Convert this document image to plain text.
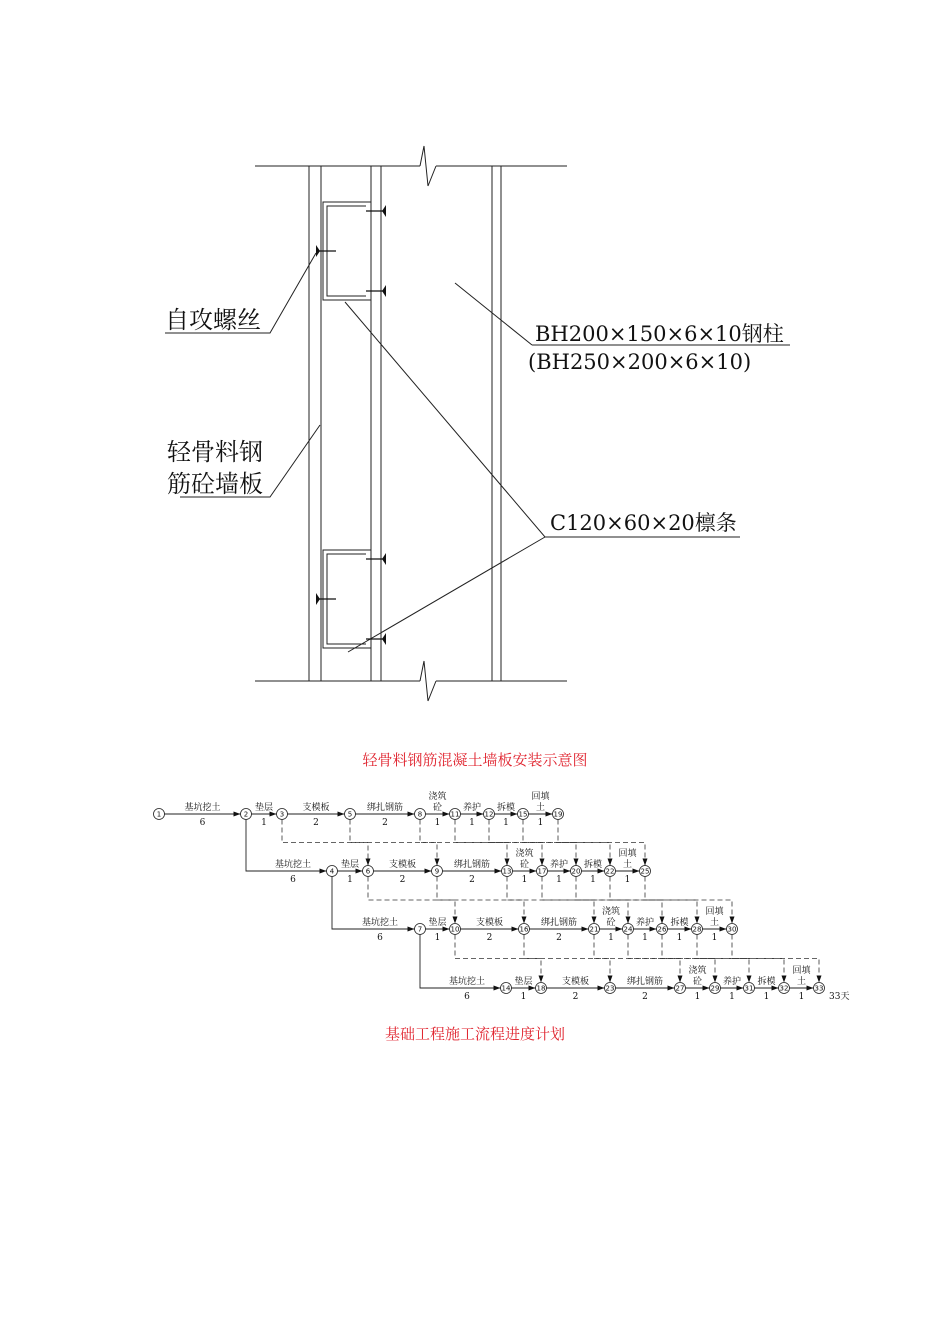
自攻螺丝
轻骨料钢
筋砼墙板
BH200×150×6×10钢柱
(BH250×200×6×10)
C120×60×20檩条
轻骨料钢筋混凝土墙板安装示意图
基坑挖土
6
垫层
1
支模板
2
绑扎钢筋
2
浇筑
砼
1
养护
1
拆模
1
回填
土
1
垫层
1
支模板
2
绑扎钢筋
2
浇筑
砼
1
养护
1
拆模
1
回填
土
1
垫层
1
支模板
2
绑扎钢筋
2
浇筑
砼
1
养护
1
拆模
1
回填
土
1
垫层
1
支模板
2
绑扎钢筋
2
浇筑
砼
1
养护
1
拆模
1
回填
土
1
基坑挖土
6
基坑挖土
6
基坑挖土
6
1	2	3	5	8	11	12	15	19
4	6	9	13	17	20	22	25
7	10	16	21	24	26	28	30
14	18	23	27	29	31	32	33
33天
基础工程施工流程进度计划
